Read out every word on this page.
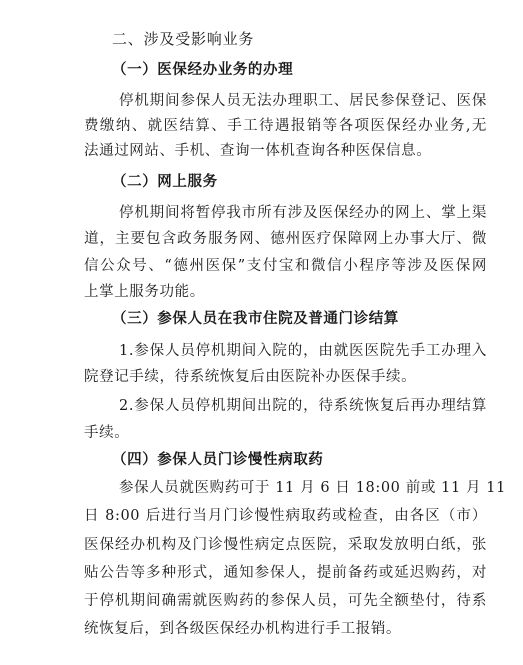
二、涉及受影响业务
（一）医保经办业务的办理
停机期间参保人员无法办理职工、居民参保登记、医保
费缴纳、就医结算、手工待遇报销等各项医保经办业务,无
法通过网站、手机、查询一体机查询各种医保信息。
（二）网上服务
停机期间将暂停我市所有涉及医保经办的网上、掌上渠
道，主要包含政务服务网、德州医疗保障网上办事大厅、微
信公众号、“德州医保”支付宝和微信小程序等涉及医保网
上掌上服务功能。
（三）参保人员在我市住院及普通门诊结算
1.参保人员停机期间入院的，由就医医院先手工办理入
院登记手续，待系统恢复后由医院补办医保手续。
2.参保人员停机期间出院的，待系统恢复后再办理结算
手续。
（四）参保人员门诊慢性病取药
参保人员就医购药可于 11 月 6 日 18:00 前或 11 月 11
日 8:00 后进行当月门诊慢性病取药或检查，由各区（市）
医保经办机构及门诊慢性病定点医院，采取发放明白纸，张
贴公告等多种形式，通知参保人，提前备药或延迟购药，对
于停机期间确需就医购药的参保人员，可先全额垫付，待系
统恢复后，到各级医保经办机构进行手工报销。
